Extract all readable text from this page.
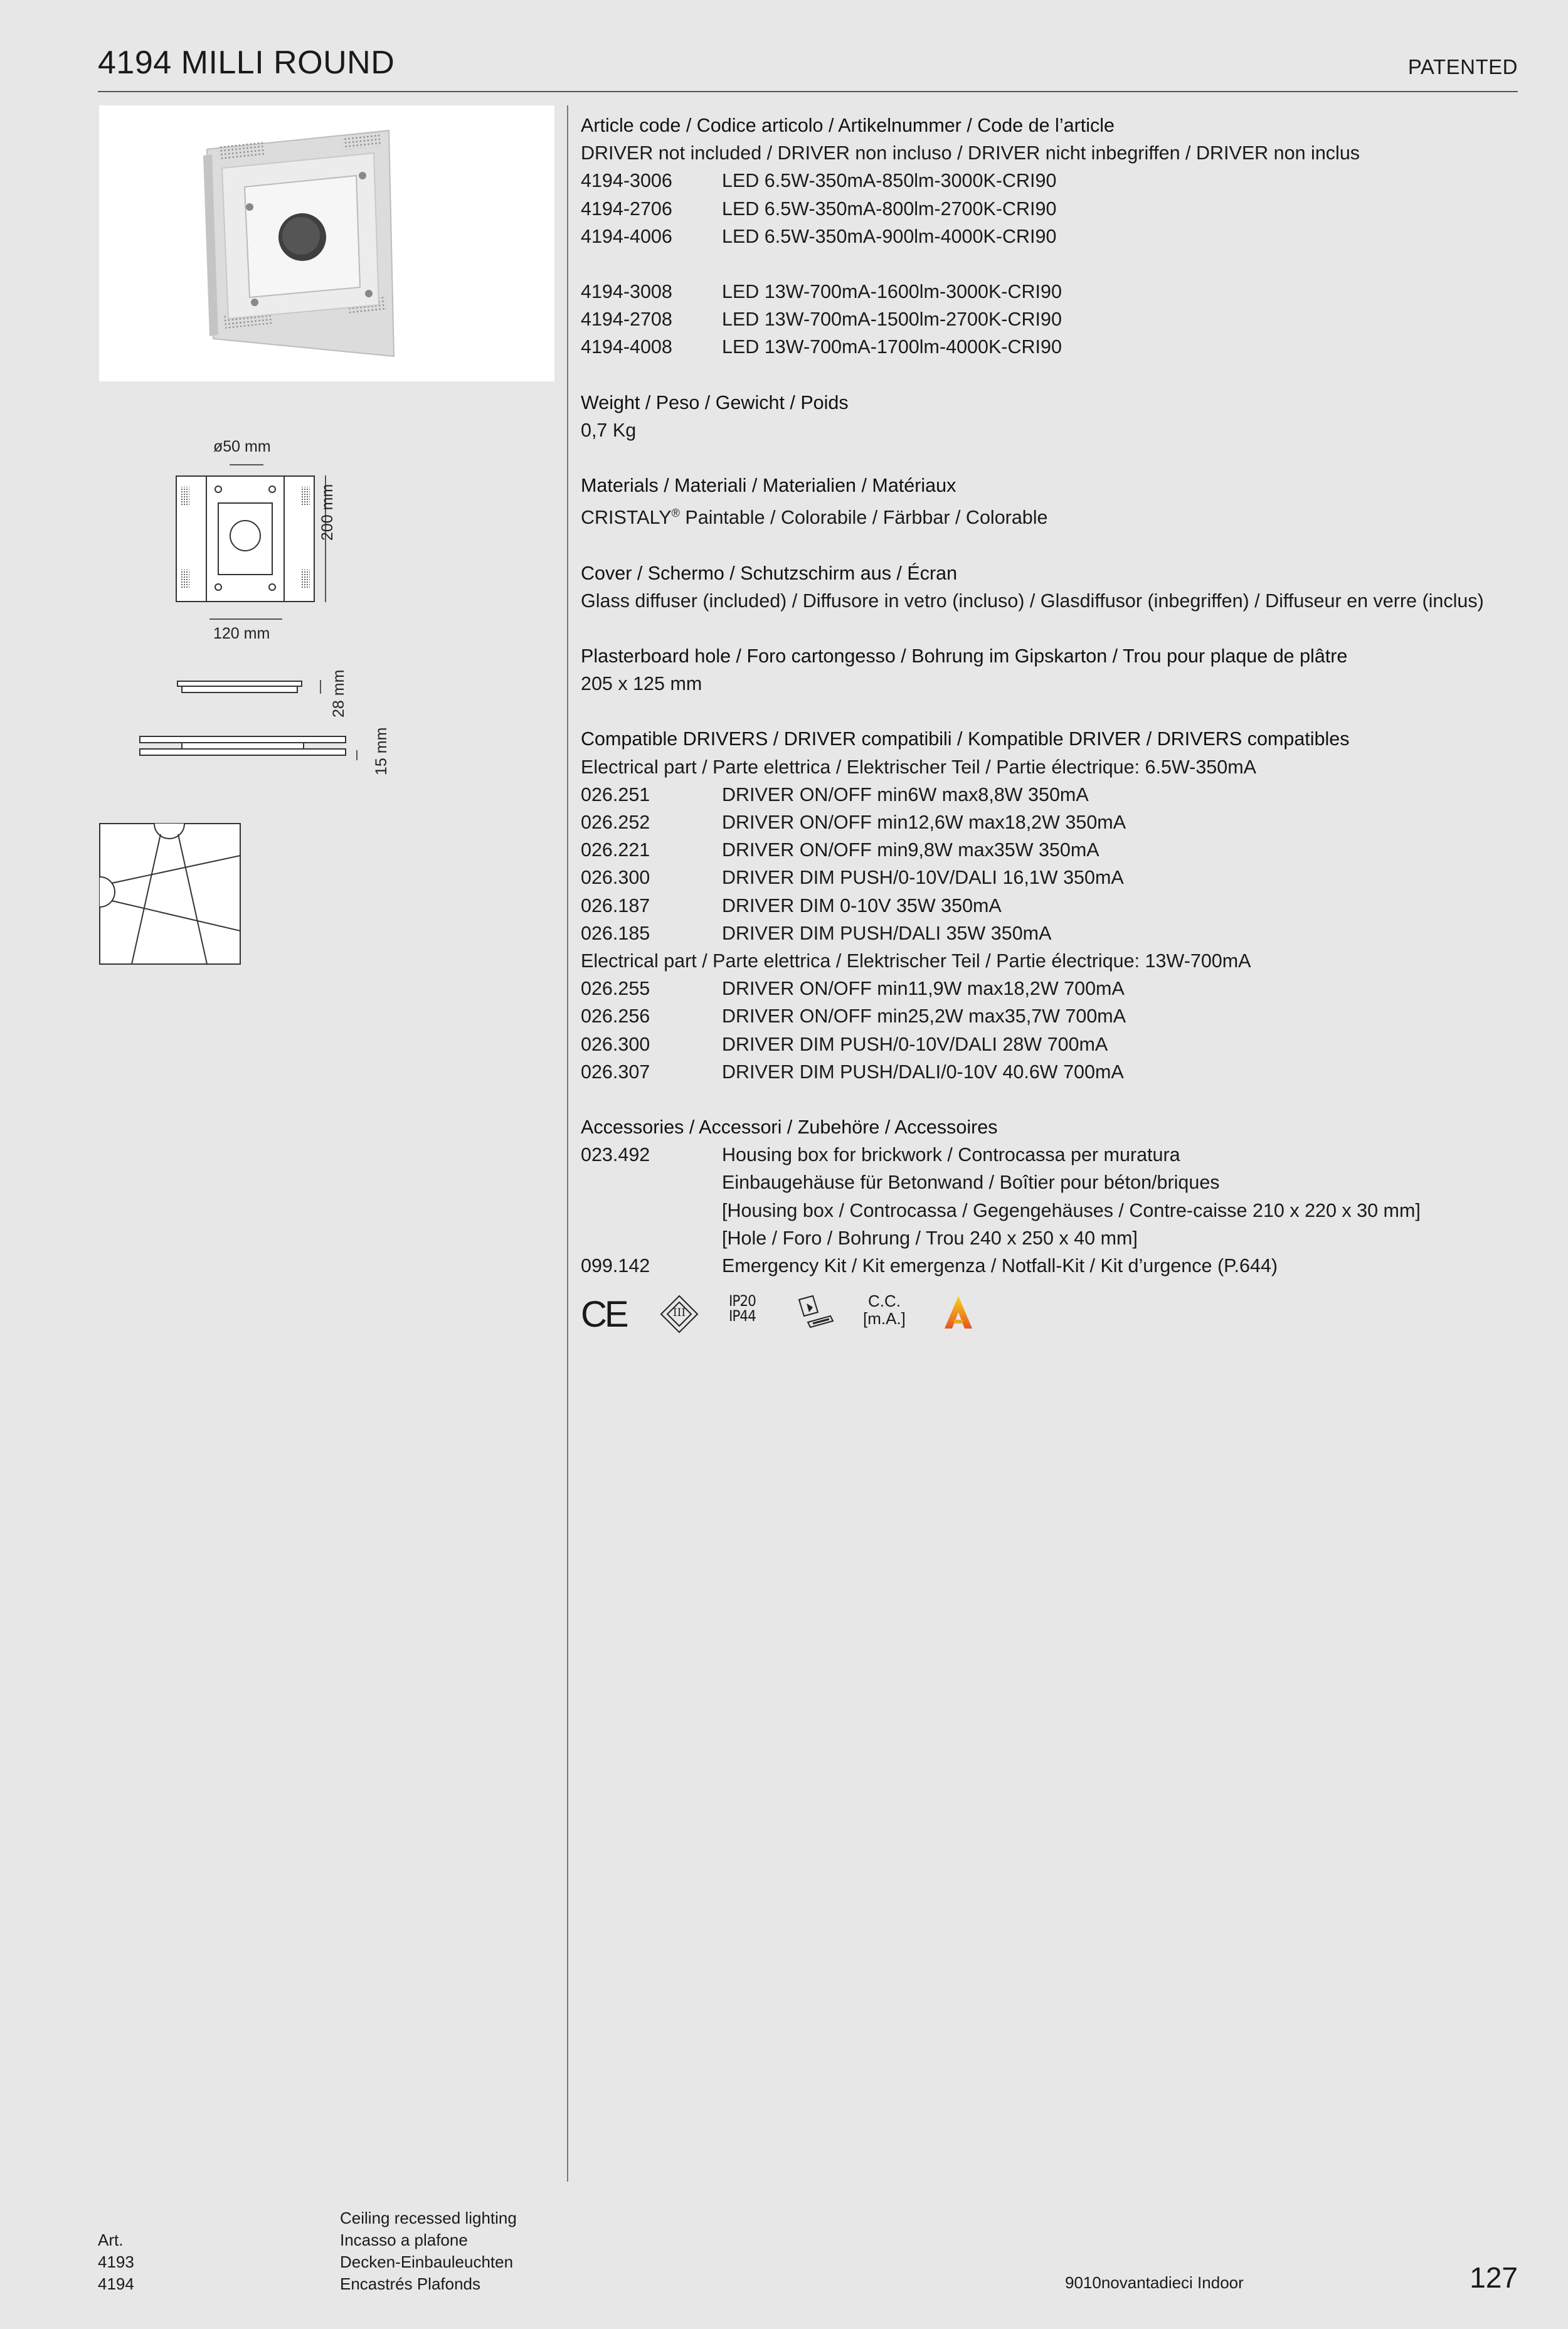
4194 MILLI ROUND	PATENTED
ø50 mm
200 mm
120 mm
28 mm
15 mm
Article code / Codice articolo / Artikelnummer / Code de l’article
DRIVER not included / DRIVER non incluso / DRIVER nicht inbegriffen / DRIVER non inclus
4194-3006	LED 6.5W-350mA-850lm-3000K-CRI90
4194-2706	LED 6.5W-350mA-800lm-2700K-CRI90
4194-4006	LED 6.5W-350mA-900lm-4000K-CRI90
4194-3008	LED 13W-700mA-1600lm-3000K-CRI90
4194-2708	LED 13W-700mA-1500lm-2700K-CRI90
4194-4008	LED 13W-700mA-1700lm-4000K-CRI90
Weight / Peso / Gewicht / Poids
0,7 Kg
Materials / Materiali / Materialien / Matériaux
CRISTALY® Paintable / Colorabile / Färbbar / Colorable
Cover / Schermo / Schutzschirm aus / Écran
Glass diffuser (included) / Diffusore in vetro (incluso) / Glasdiffusor (inbegriffen) / Diffuseur en verre (inclus)
Plasterboard hole / Foro cartongesso / Bohrung im Gipskarton / Trou pour plaque de plâtre
205 x 125 mm
Compatible DRIVERS / DRIVER compatibili / Kompatible DRIVER / DRIVERS compatibles
Electrical part / Parte elettrica / Elektrischer Teil / Partie électrique: 6.5W-350mA
026.251	DRIVER ON/OFF min6W max8,8W 350mA
026.252	DRIVER ON/OFF min12,6W max18,2W 350mA
026.221	DRIVER ON/OFF min9,8W max35W 350mA
026.300	DRIVER DIM PUSH/0-10V/DALI 16,1W 350mA
026.187	DRIVER DIM 0-10V 35W 350mA
026.185	DRIVER DIM PUSH/DALI 35W 350mA
Electrical part / Parte elettrica / Elektrischer Teil / Partie électrique: 13W-700mA
026.255	DRIVER ON/OFF min11,9W max18,2W 700mA
026.256	DRIVER ON/OFF min25,2W max35,7W 700mA
026.300	DRIVER DIM PUSH/0-10V/DALI 28W 700mA
026.307	DRIVER DIM PUSH/DALI/0-10V 40.6W 700mA
Accessories / Accessori / Zubehöre / Accessoires
023.492	Housing box for brickwork / Controcassa per muratura
Einbaugehäuse für Betonwand / Boîtier pour béton/briques
[Housing box / Controcassa / Gegengehäuses / Contre-caisse 210 x 220 x 30 mm]
[Hole / Foro / Bohrung / Trou 240 x 250 x 40 mm]
099.142	Emergency Kit / Kit emergenza / Notfall-Kit / Kit d’urgence (P.644)
CE	III
IP20
IP44
C.C.
[m.A.]
Art.
4193
4194
Ceiling recessed lighting
Incasso a plafone
Decken-Einbauleuchten
Encastrés Plafonds	9010novantadieci Indoor	127
